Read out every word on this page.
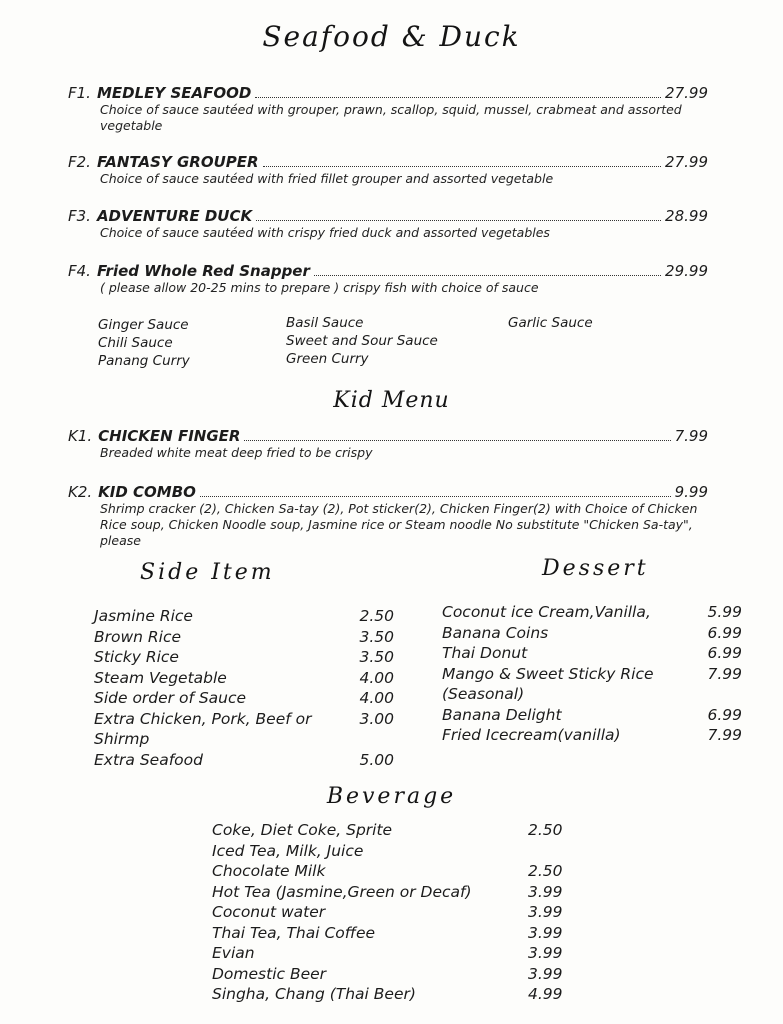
Seafood & Duck
F1. MEDLEY SEAFOOD	27.99
Choice of sauce sautéed with grouper, prawn, scallop, squid, mussel, crabmeat and assorted vegetable
F2. FANTASY GROUPER	27.99
Choice of sauce sautéed with fried fillet grouper and assorted vegetable
F3. ADVENTURE DUCK	28.99
Choice of sauce sautéed with crispy fried duck and assorted vegetables
F4. Fried Whole Red Snapper	29.99
( please allow 20-25 mins to prepare ) crispy fish with choice of sauce
Ginger Sauce
Chili Sauce
Panang Curry
Basil Sauce
Sweet and Sour Sauce
Green Curry
Garlic Sauce
Kid Menu
K1. CHICKEN FINGER	7.99
Breaded white meat deep fried to be crispy
K2. KID COMBO	9.99
Shrimp cracker (2), Chicken Sa-tay (2), Pot sticker(2), Chicken Finger(2) with Choice of Chicken Rice soup, Chicken Noodle soup, Jasmine rice or Steam noodle No substitute "Chicken Sa-tay", please
Side Item	Dessert
Jasmine Rice	2.50
Brown Rice	3.50
Sticky Rice	3.50
Steam Vegetable	4.00
Side order of Sauce	4.00
Extra Chicken, Pork, Beef or Shirmp
3.00
Extra Seafood	5.00
Coconut ice Cream,Vanilla,	5.99
Banana Coins	6.99
Thai Donut	6.99
Mango & Sweet Sticky Rice (Seasonal)
7.99
Banana Delight	6.99
Fried Icecream(vanilla)	7.99
Beverage
Coke, Diet Coke, Sprite	2.50
Iced Tea, Milk, Juice
Chocolate Milk	2.50
Hot Tea (Jasmine,Green or Decaf)	3.99
Coconut water	3.99
Thai Tea, Thai Coffee	3.99
Evian	3.99
Domestic Beer	3.99
Singha, Chang (Thai Beer)	4.99
